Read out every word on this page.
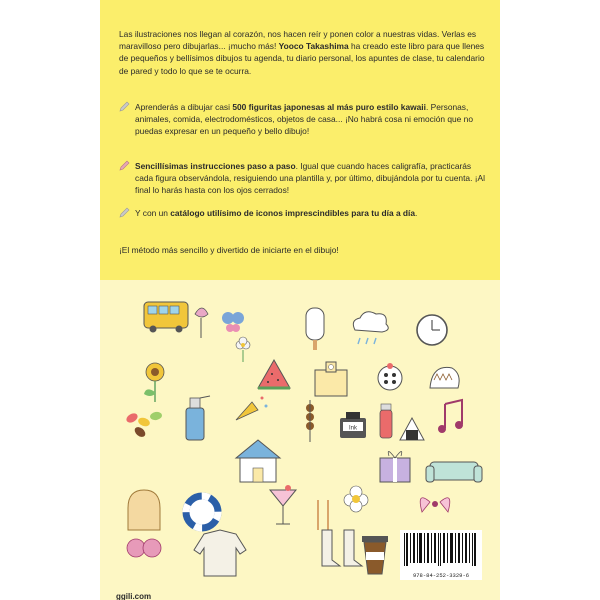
Las ilustraciones nos llegan al corazón, nos hacen reír y ponen color a nuestras vidas. Verlas es maravilloso pero dibujarlas... ¡mucho más! Yooco Takashima ha creado este libro para que llenes de pequeños y bellísimos dibujos tu agenda, tu diario personal, los apuntes de clase, tu calendario de pared y todo lo que se te ocurra.
Aprenderás a dibujar casi 500 figuritas japonesas al más puro estilo kawaii. Personas, animales, comida, electrodomésticos, objetos de casa... ¡No habrá cosa ni emoción que no puedas expresar en un pequeño y bello dibujo!
Sencillísimas instrucciones paso a paso. Igual que cuando haces caligrafía, practicarás cada figura observándola, resiguiendo una plantilla y, por último, dibujándola por tu cuenta. ¡Al final lo harás hasta con los ojos cerrados!
Y con un catálogo utilísimo de iconos imprescindibles para tu día a día.
¡El método más sencillo y divertido de iniciarte en el dibujo!
Ink
ggili.com
978-84-252-3329-6
